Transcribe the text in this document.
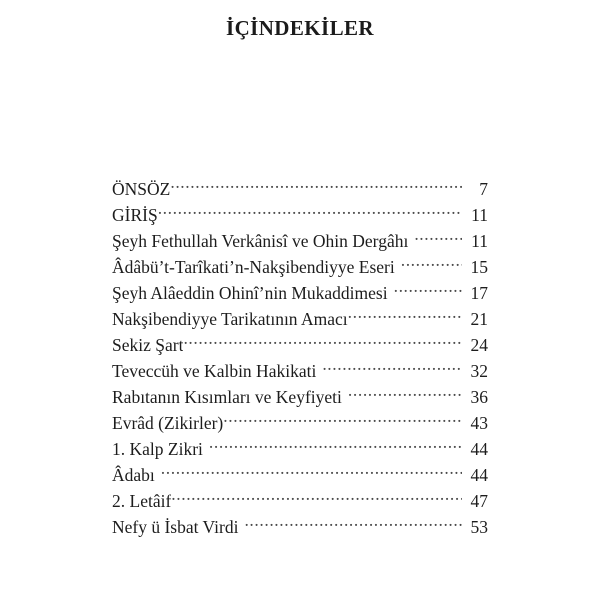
İÇİNDEKİLER
ÖNSÖZ .....	7
GİRİŞ .....	11
Şeyh Fethullah Verkânisî ve Ohin Dergâhı .....	11
Âdâbü’t-Tarîkati’n-Nakşibendiyye Eseri .....	15
Şeyh Alâeddin Ohinî’nin Mukaddimesi .....	17
Nakşibendiyye Tarikatının Amacı .....	21
Sekiz Şart .....	24
Teveccüh ve Kalbin Hakikati .....	32
Rabıtanın Kısımları ve Keyfiyeti .....	36
Evrâd (Zikirler) .....	43
1. Kalp Zikri .....	44
Âdabı .....	44
2. Letâif .....	47
Nefy ü İsbat Virdi .....	53
